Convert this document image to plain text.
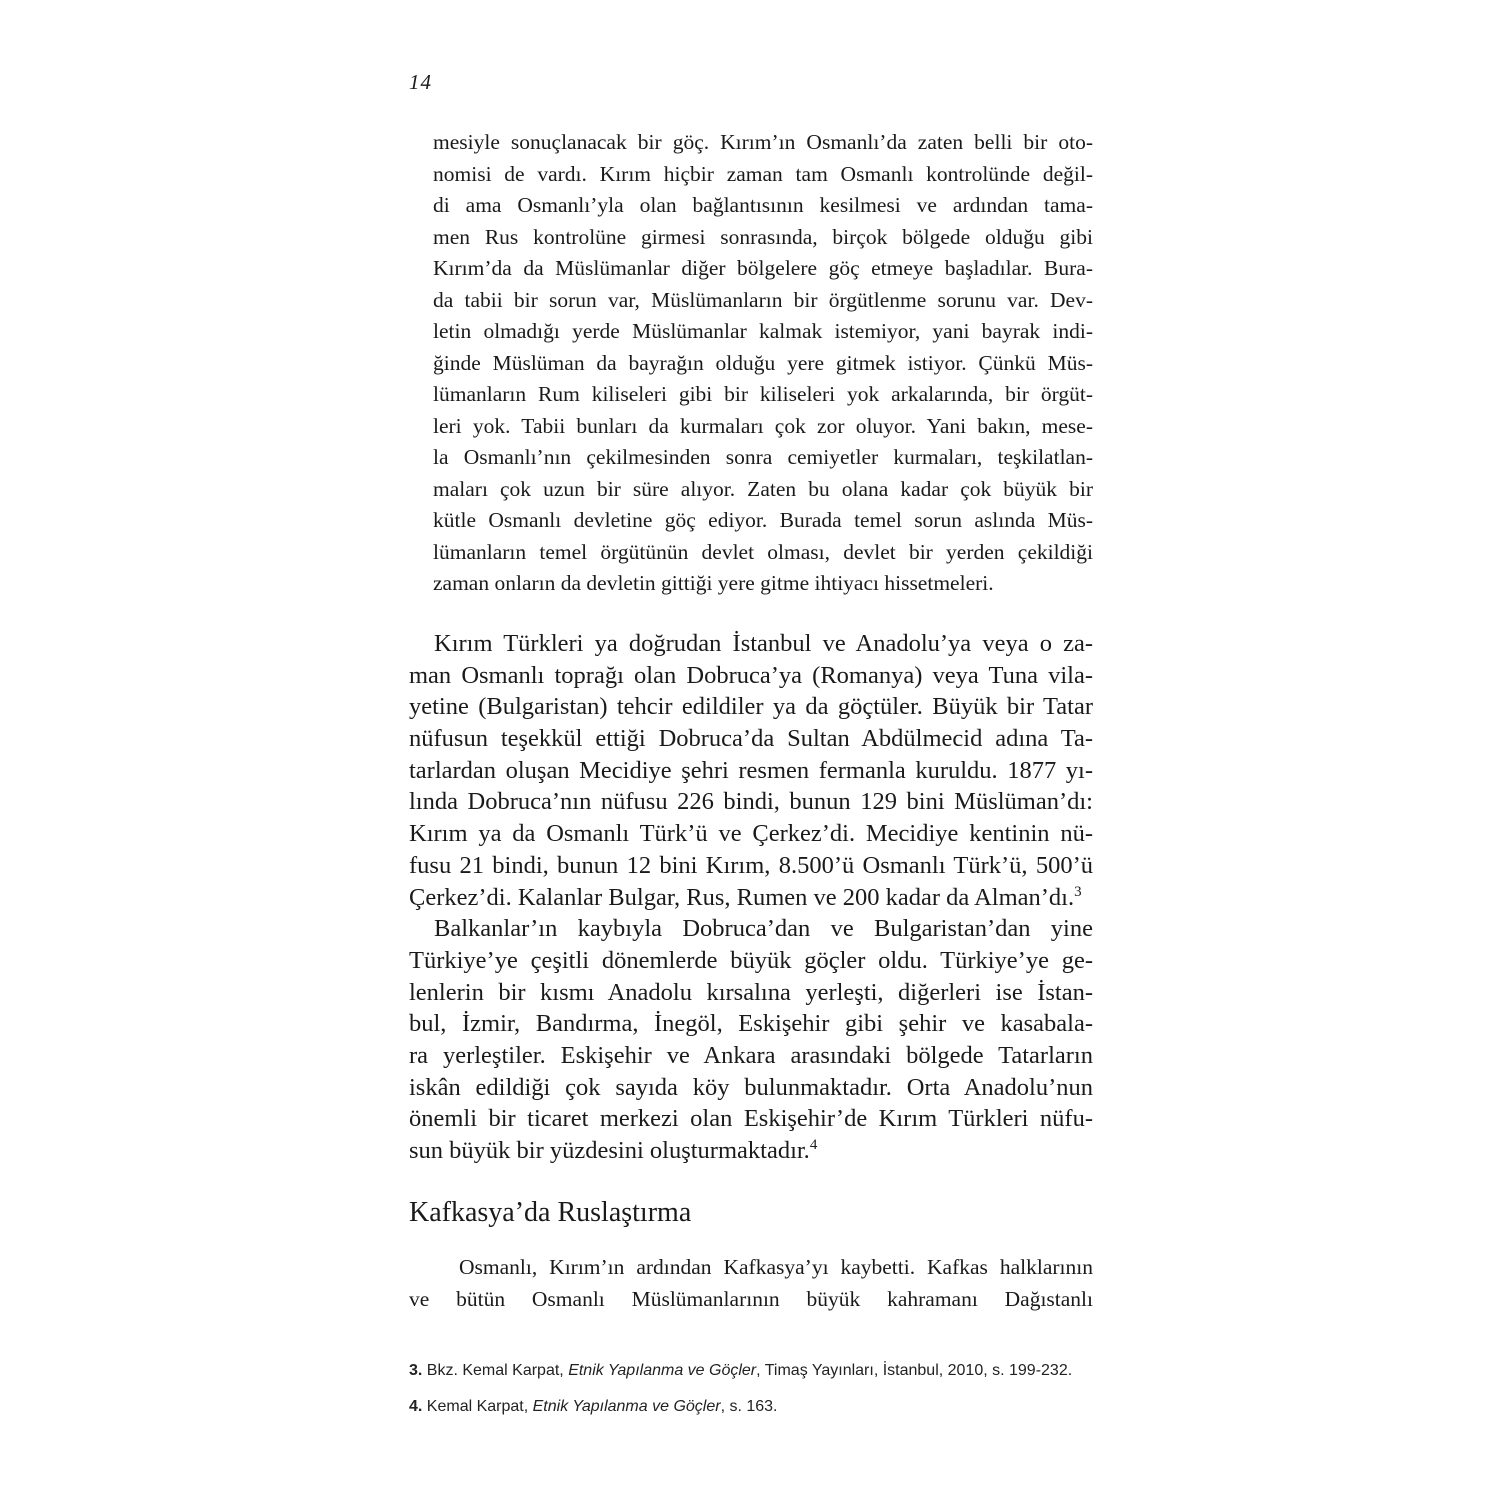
14
mesiyle sonuçlanacak bir göç. Kırım’ın Osmanlı’da zaten belli bir oto-
nomisi de vardı. Kırım hiçbir zaman tam Osmanlı kontrolünde değil-
di ama Osmanlı’yla olan bağlantısının kesilmesi ve ardından tama-
men Rus kontrolüne girmesi sonrasında, birçok bölgede olduğu gibi
Kırım’da da Müslümanlar diğer bölgelere göç etmeye başladılar. Bura-
da tabii bir sorun var, Müslümanların bir örgütlenme sorunu var. Dev-
letin olmadığı yerde Müslümanlar kalmak istemiyor, yani bayrak indi-
ğinde Müslüman da bayrağın olduğu yere gitmek istiyor. Çünkü Müs-
lümanların Rum kiliseleri gibi bir kiliseleri yok arkalarında, bir örgüt-
leri yok. Tabii bunları da kurmaları çok zor oluyor. Yani bakın, mese-
la Osmanlı’nın çekilmesinden sonra cemiyetler kurmaları, teşkilatlan-
maları çok uzun bir süre alıyor. Zaten bu olana kadar çok büyük bir
kütle Osmanlı devletine göç ediyor. Burada temel sorun aslında Müs-
lümanların temel örgütünün devlet olması, devlet bir yerden çekildiği
zaman onların da devletin gittiği yere gitme ihtiyacı hissetmeleri.
Kırım Türkleri ya doğrudan İstanbul ve Anadolu’ya veya o za-
man Osmanlı toprağı olan Dobruca’ya (Romanya) veya Tuna vila-
yetine (Bulgaristan) tehcir edildiler ya da göçtüler. Büyük bir Tatar
nüfusun teşekkül ettiği Dobruca’da Sultan Abdülmecid adına Ta-
tarlardan oluşan Mecidiye şehri resmen fermanla kuruldu. 1877 yı-
lında Dobruca’nın nüfusu 226 bindi, bunun 129 bini Müslüman’dı:
Kırım ya da Osmanlı Türk’ü ve Çerkez’di. Mecidiye kentinin nü-
fusu 21 bindi, bunun 12 bini Kırım, 8.500’ü Osmanlı Türk’ü, 500’ü
Çerkez’di. Kalanlar Bulgar, Rus, Rumen ve 200 kadar da Alman’dı.$^3$
Balkanlar’ın kaybıyla Dobruca’dan ve Bulgaristan’dan yine
Türkiye’ye çeşitli dönemlerde büyük göçler oldu. Türkiye’ye ge-
lenlerin bir kısmı Anadolu kırsalına yerleşti, diğerleri ise İstan-
bul, İzmir, Bandırma, İnegöl, Eskişehir gibi şehir ve kasabala-
ra yerleştiler. Eskişehir ve Ankara arasındaki bölgede Tatarların
iskân edildiği çok sayıda köy bulunmaktadır. Orta Anadolu’nun
önemli bir ticaret merkezi olan Eskişehir’de Kırım Türkleri nüfu-
sun büyük bir yüzdesini oluşturmaktadır.$^4$
Kafkasya’da Ruslaştırma
Osmanlı, Kırım’ın ardından Kafkasya’yı kaybetti. Kafkas halklarının
ve bütün Osmanlı Müslümanlarının büyük kahramanı Dağıstanlı
3. Bkz. Kemal Karpat, Etnik Yapılanma ve Göçler, Timaş Yayınları, İstanbul, 2010, s. 199-232.
4. Kemal Karpat, Etnik Yapılanma ve Göçler, s. 163.
